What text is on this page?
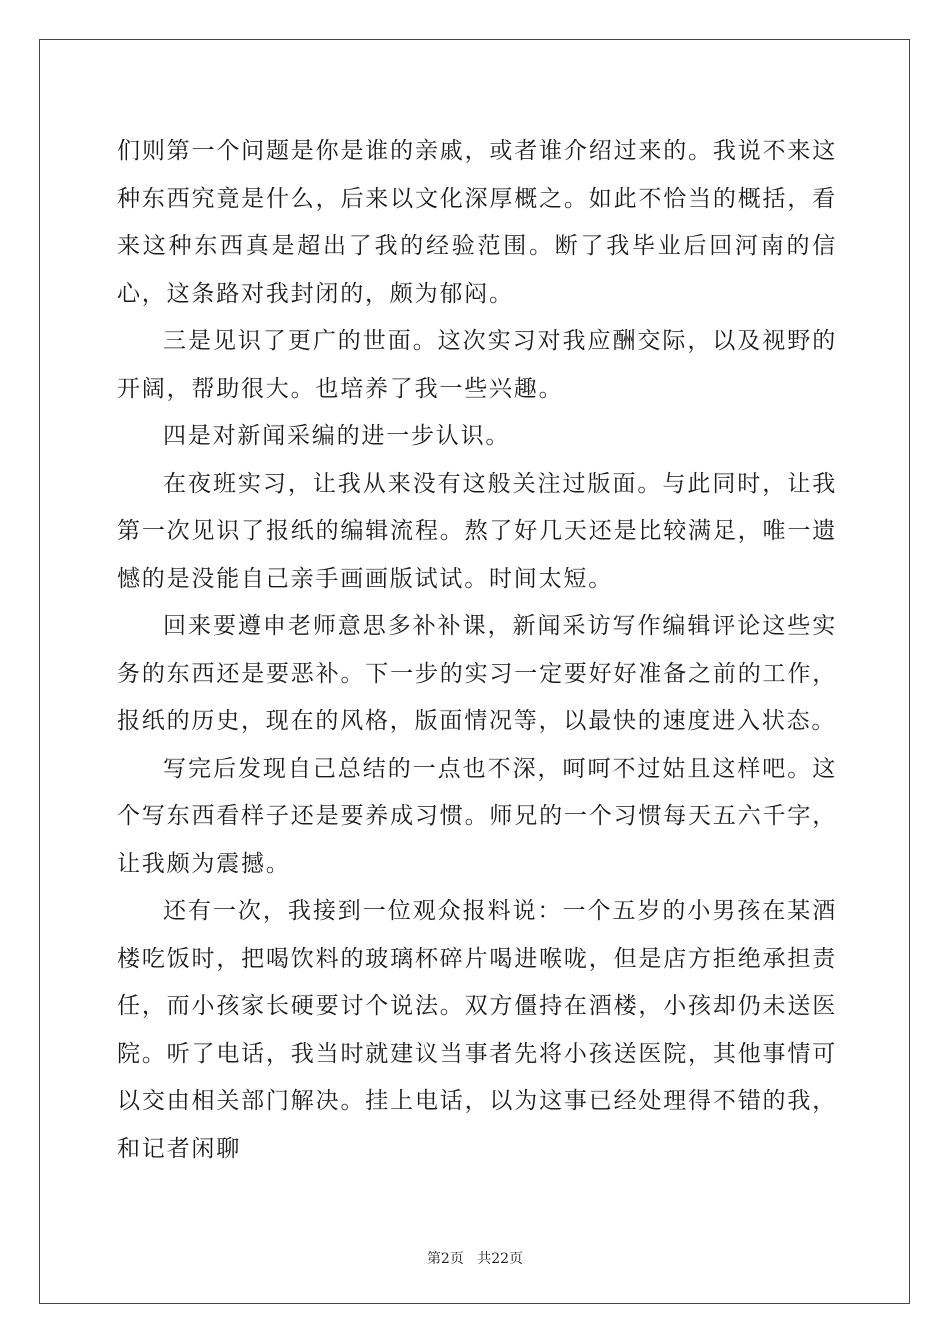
们则第一个问题是你是谁的亲戚，或者谁介绍过来的。我说不来这种东西究竟是什么，后来以文化深厚概之。如此不恰当的概括，看来这种东西真是超出了我的经验范围。断了我毕业后回河南的信心，这条路对我封闭的，颇为郁闷。

三是见识了更广的世面。这次实习对我应酬交际，以及视野的开阔，帮助很大。也培养了我一些兴趣。

四是对新闻采编的进一步认识。

在夜班实习，让我从来没有这般关注过版面。与此同时，让我第一次见识了报纸的编辑流程。熬了好几天还是比较满足，唯一遗憾的是没能自己亲手画画版试试。时间太短。

回来要遵申老师意思多补补课，新闻采访写作编辑评论这些实务的东西还是要恶补。下一步的实习一定要好好准备之前的工作，报纸的历史，现在的风格，版面情况等，以最快的速度进入状态。

写完后发现自己总结的一点也不深，呵呵不过姑且这样吧。这个写东西看样子还是要养成习惯。师兄的一个习惯每天五六千字，让我颇为震撼。

还有一次，我接到一位观众报料说：一个五岁的小男孩在某酒楼吃饭时，把喝饮料的玻璃杯碎片喝进喉咙，但是店方拒绝承担责任，而小孩家长硬要讨个说法。双方僵持在酒楼，小孩却仍未送医院。听了电话，我当时就建议当事者先将小孩送医院，其他事情可以交由相关部门解决。挂上电话，以为这事已经处理得不错的我，和记者闲聊

第2页 共22页
